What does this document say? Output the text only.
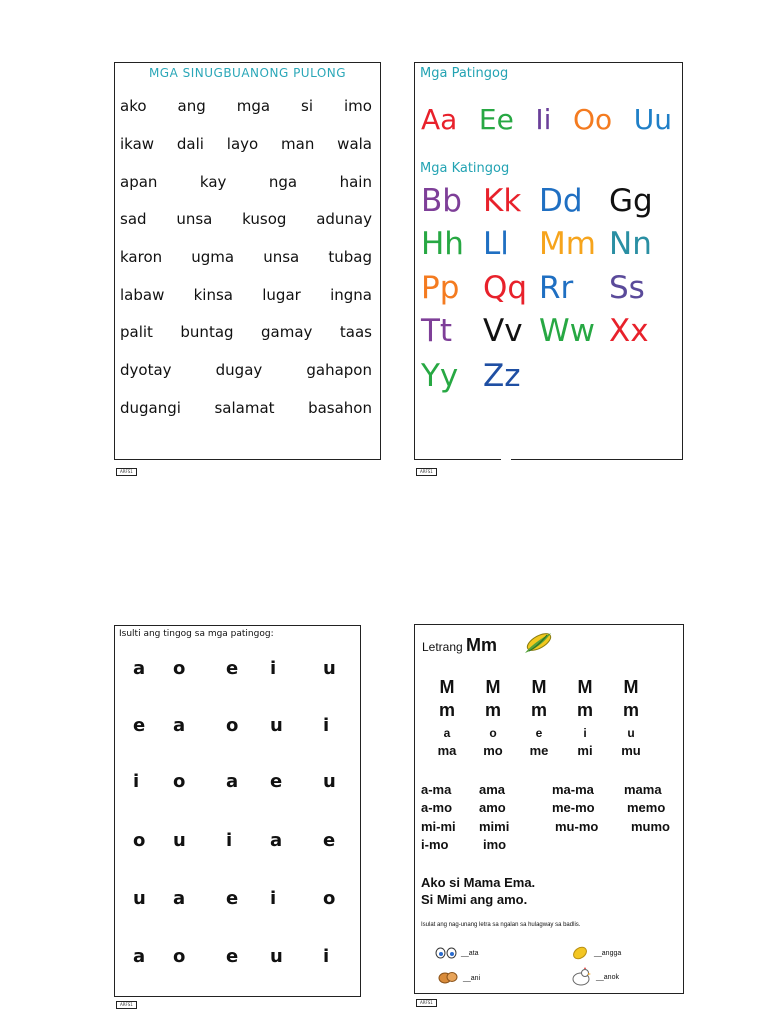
MGA SINUGBUANONG PULONG
ako ang mga si imo
ikaw dali layo man wala
apan	kay	nga	hain
sad unsa kusog adunay
karon ugma unsa tubag
labaw kinsa lugar ingna
palit buntag gamay taas
dyotay	dugay	gahapon
dugangi salamat basahon
ARFS1
Mga Patingog
Aa Ee Ii Oo Uu
Mga Katingog
Bb Kk Dd Gg
Hh Ll Mm Nn
Pp Qq Rr Ss
Tt Vv Ww Xx
Yy Zz
ARFS1
Isulti ang tingog sa mga patingog:
a o e i	u
e a o u i
i o a e u
o u i a e
u a e i	o
a o e u i
ARFS1
Letrang Mm
M	M	M	M	M
m	m	m	m	m
a	o	e	i	u
ma	mo	me	mi	mu
a-ma ama	ma-ma mama
a-mo amo	me-mo memo
mi-mi mimi	mu-mo	mumo
i-mo	imo
Ako si Mama Ema.
Si Mimi ang amo.
Isulat ang nag-unang letra sa ngalan sa hulagway sa badlis.
__ata	__angga
__ani	__anok
ARFS1
